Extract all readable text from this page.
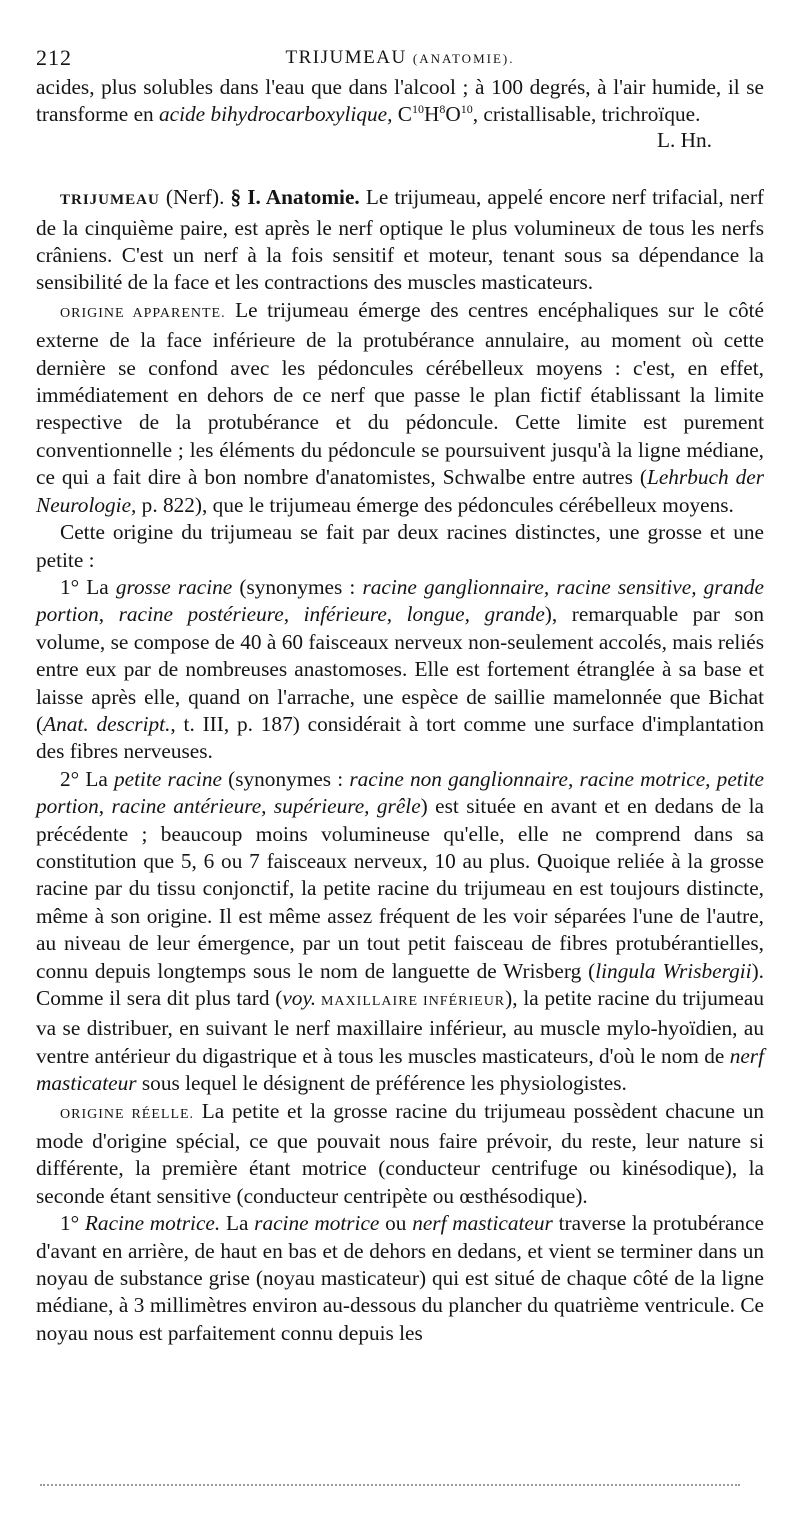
212	TRIJUMEAU (ANATOMIE).

acides, plus solubles dans l'eau que dans l'alcool ; à 100 degrés, à l'air humide, il se transforme en acide bihydrocarboxylique, $C^{10}H^8O^{10}$, cristallisable, trichroïque.

L. Hn.

TRIJUMEAU (Nerf). § I. Anatomie. Le trijumeau, appelé encore nerf trifacial, nerf de la cinquième paire, est après le nerf optique le plus volumineux de tous les nerfs crâniens. C'est un nerf à la fois sensitif et moteur, tenant sous sa dépendance la sensibilité de la face et les contractions des muscles masticateurs.

ORIGINE APPARENTE. Le trijumeau émerge des centres encéphaliques sur le côté externe de la face inférieure de la protubérance annulaire, au moment où cette dernière se confond avec les pédoncules cérébelleux moyens : c'est, en effet, immédiatement en dehors de ce nerf que passe le plan fictif établissant la limite respective de la protubérance et du pédoncule. Cette limite est purement conventionnelle ; les éléments du pédoncule se poursuivent jusqu'à la ligne médiane, ce qui a fait dire à bon nombre d'anatomistes, Schwalbe entre autres (Lehrbuch der Neurologie, p. 822), que le trijumeau émerge des pédoncules cérébelleux moyens.

Cette origine du trijumeau se fait par deux racines distinctes, une grosse et une petite :

1° La grosse racine (synonymes : racine ganglionnaire, racine sensitive, grande portion, racine postérieure, inférieure, longue, grande), remarquable par son volume, se compose de 40 à 60 faisceaux nerveux non-seulement accolés, mais reliés entre eux par de nombreuses anastomoses. Elle est fortement étranglée à sa base et laisse après elle, quand on l'arrache, une espèce de saillie mamelonnée que Bichat (Anat. descript., t. III, p. 187) considérait à tort comme une surface d'implantation des fibres nerveuses.

2° La petite racine (synonymes : racine non ganglionnaire, racine motrice, petite portion, racine antérieure, supérieure, grêle) est située en avant et en dedans de la précédente ; beaucoup moins volumineuse qu'elle, elle ne comprend dans sa constitution que 5, 6 ou 7 faisceaux nerveux, 10 au plus. Quoique reliée à la grosse racine par du tissu conjonctif, la petite racine du trijumeau en est toujours distincte, même à son origine. Il est même assez fréquent de les voir séparées l'une de l'autre, au niveau de leur émergence, par un tout petit faisceau de fibres protubérantielles, connu depuis longtemps sous le nom de languette de Wrisberg (lingula Wrisbergii). Comme il sera dit plus tard (voy. MAXILLAIRE INFÉRIEUR), la petite racine du trijumeau va se distribuer, en suivant le nerf maxillaire inférieur, au muscle mylo-hyoïdien, au ventre antérieur du digastrique et à tous les muscles masticateurs, d'où le nom de nerf masticateur sous lequel le désignent de préférence les physiologistes.

ORIGINE RÉELLE. La petite et la grosse racine du trijumeau possèdent chacune un mode d'origine spécial, ce que pouvait nous faire prévoir, du reste, leur nature si différente, la première étant motrice (conducteur centrifuge ou kinésodique), la seconde étant sensitive (conducteur centripète ou œsthésodique).

1° Racine motrice. La racine motrice ou nerf masticateur traverse la protubérance d'avant en arrière, de haut en bas et de dehors en dedans, et vient se terminer dans un noyau de substance grise (noyau masticateur) qui est situé de chaque côté de la ligne médiane, à 3 millimètres environ au-dessous du plancher du quatrième ventricule. Ce noyau nous est parfaitement connu depuis les
